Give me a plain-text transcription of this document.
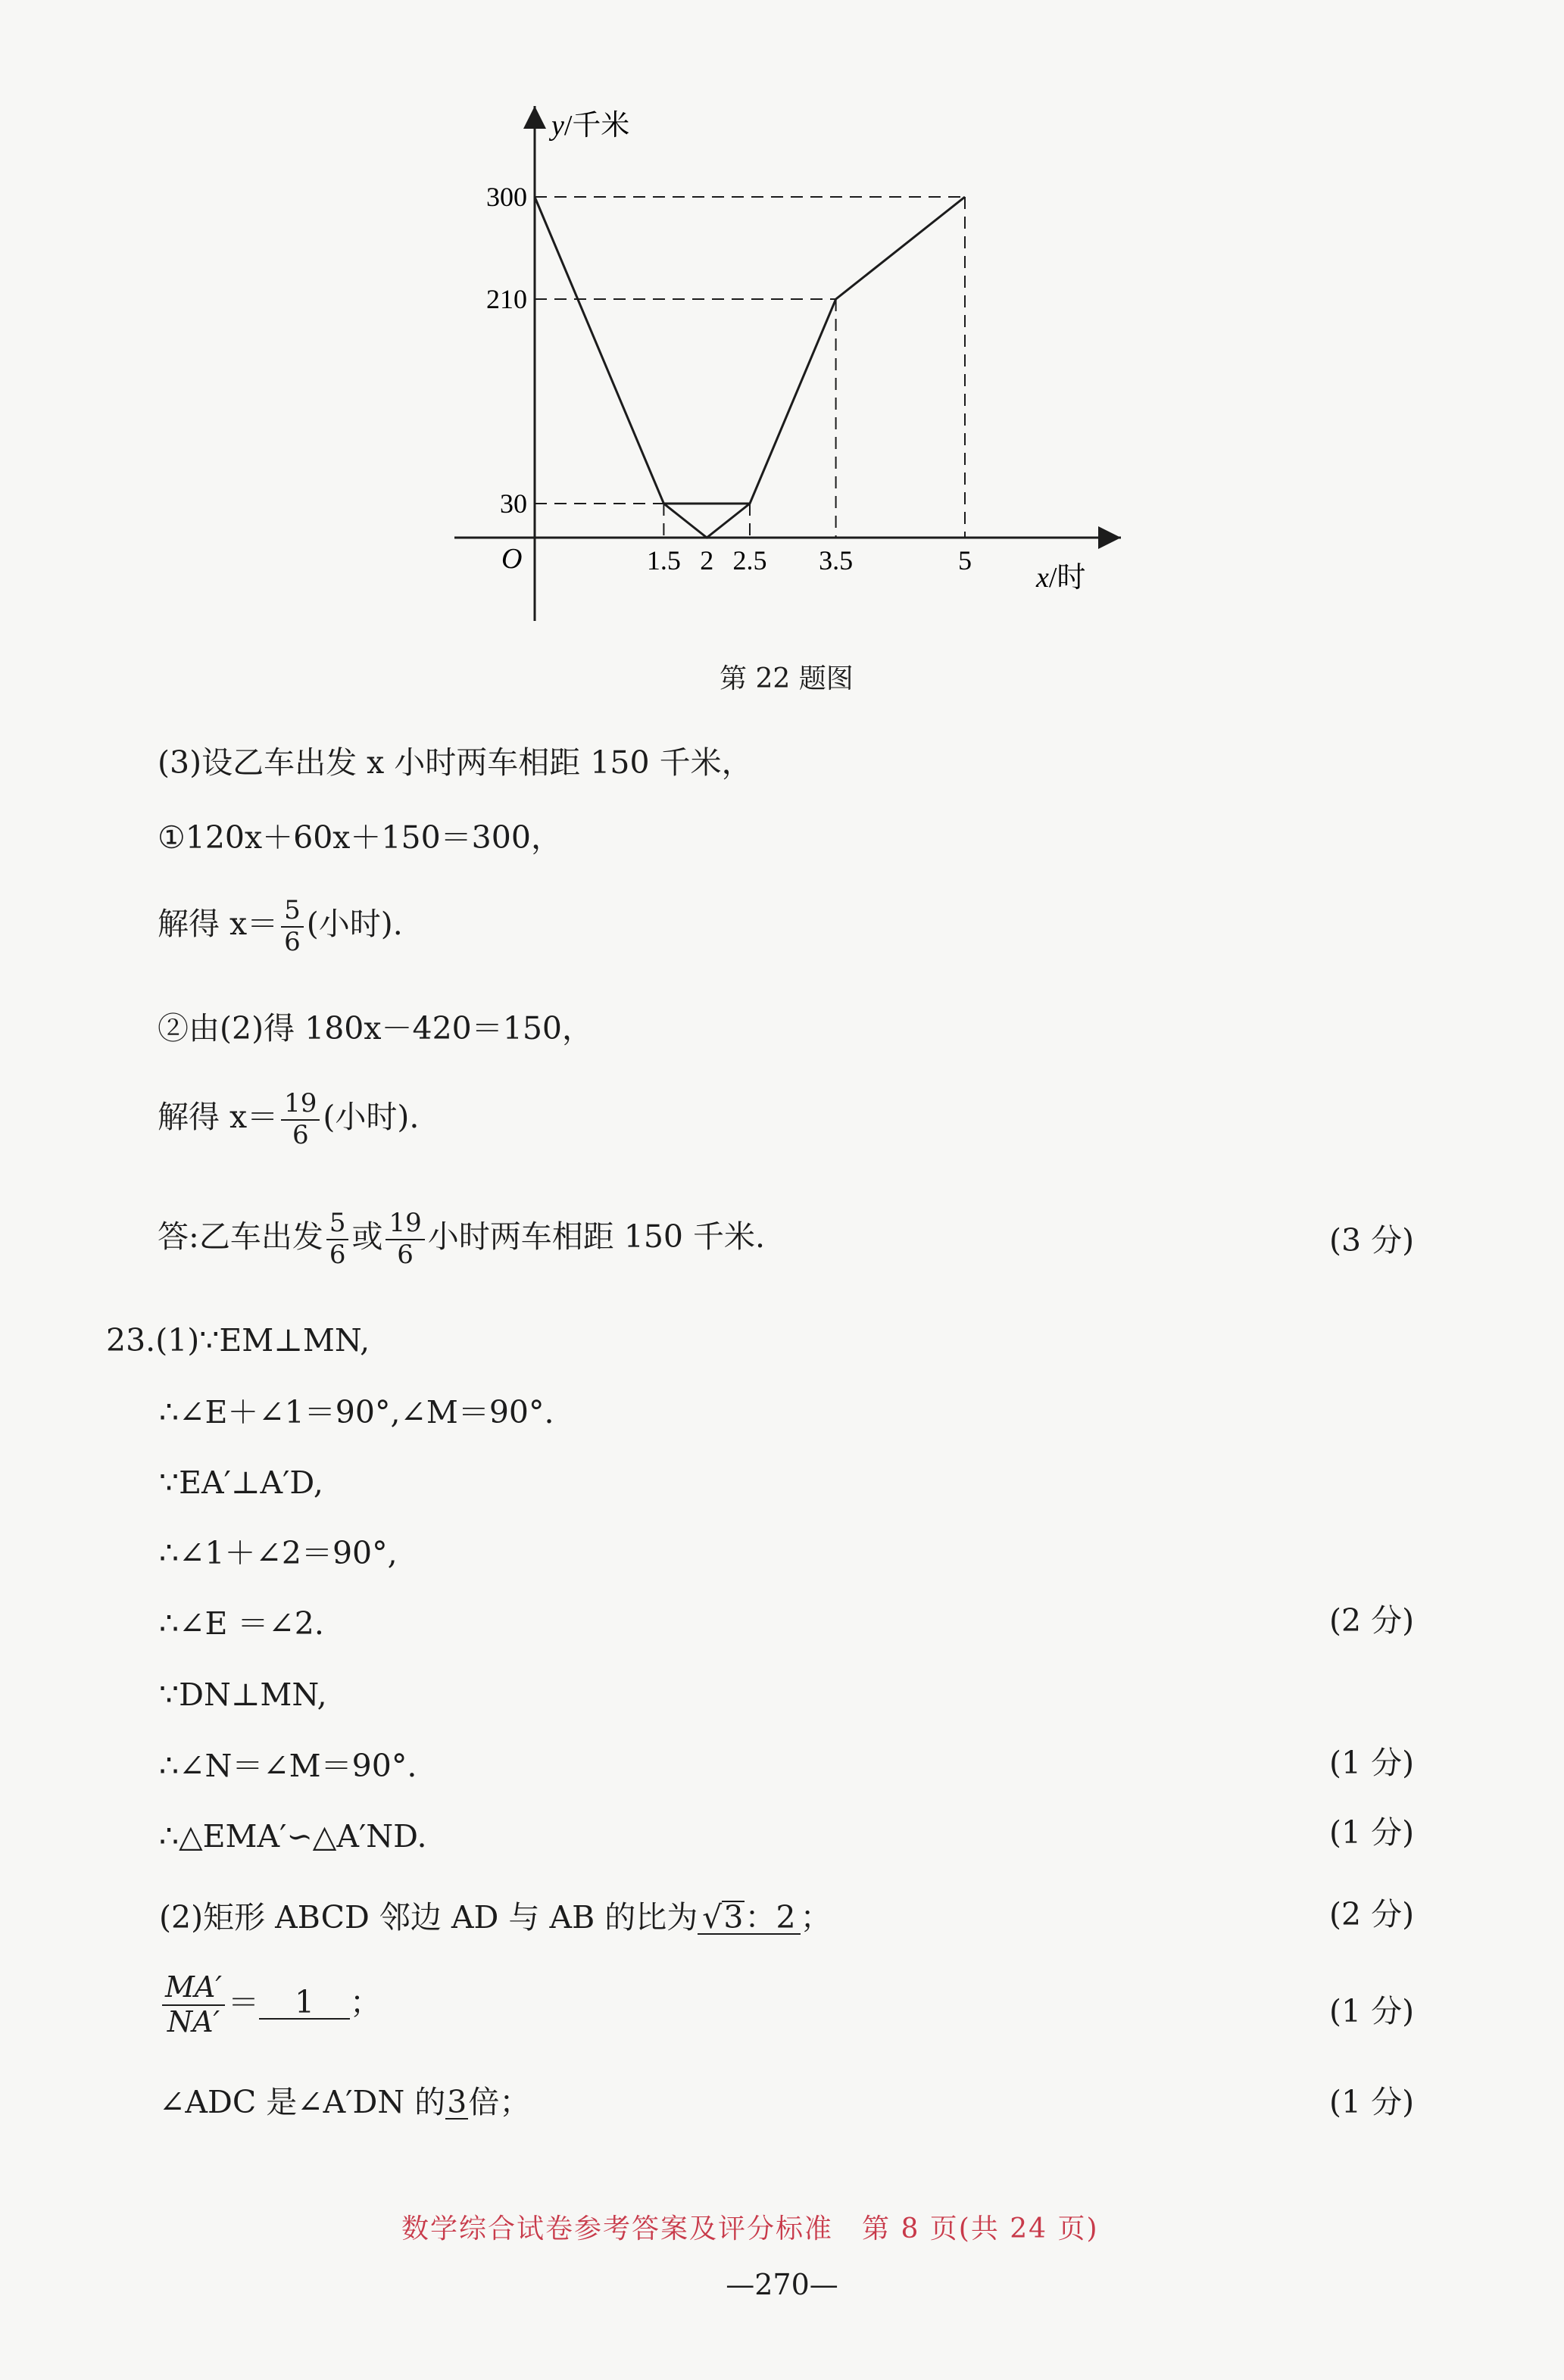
1.5 2 2.5 3.5	5
30
210
300
y/千米
x/时
O
第 22 题图
(3)设乙车出发 x 小时两车相距 150 千米，
①120x＋60x＋150＝300，
解得 $x= \frac{5}{6}$ (小时).
②由(2)得 180x－420＝150，
解得 $x= \frac{19}{6}$ (小时).
答:乙车出发 $\frac{5}{6}$ 或 $\frac{19}{6}$ 小时两车相距 150 千米.	(3 分)
23.(1)∵EM⊥MN,
∴∠E＋∠1＝90°,∠M＝90°.
∵EA′⊥A′D,
∴∠1＋∠2＝90°,
∴∠E ＝∠2.	(2 分)
∵DN⊥MN,
∴∠N＝∠M＝90°.	(1 分)
∴△EMA′∽△A′ND.	(1 分)
(2)矩形 ABCD 邻边 AD 与 AB 的比为 √3：2 ；	(2 分)
$\frac{MA'}{NA'} = 1$ ；	(1 分)
∠ADC 是∠A′DN 的3倍；	(1 分)
数学综合试卷参考答案及评分标准　第 8 页(共 24 页)
—270—
